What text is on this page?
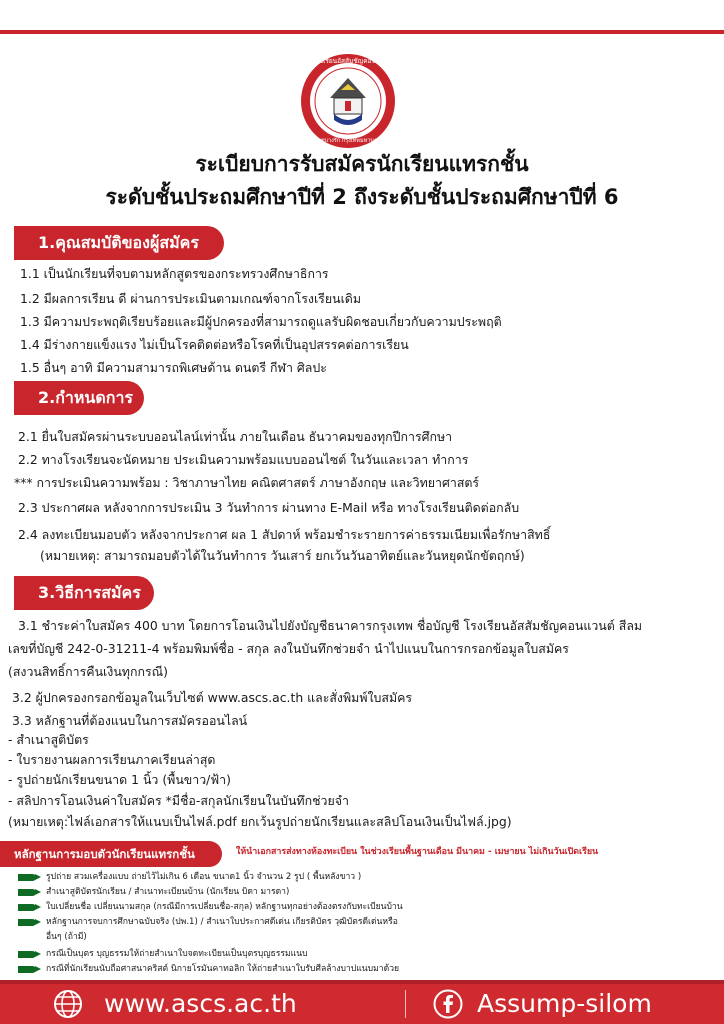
โรงเรียนอัสสัมชัญคอนแวนต์ สีลม
เขตบางรัก กรุงเทพมหานคร
ระเบียบการรับสมัครนักเรียนแทรกชั้น
ระดับชั้นประถมศึกษาปีที่ 2 ถึงระดับชั้นประถมศึกษาปีที่ 6
1.คุณสมบัติของผู้สมัคร
1.1 เป็นนักเรียนที่จบตามหลักสูตรของกระทรวงศึกษาธิการ
1.2 มีผลการเรียน ดี ผ่านการประเมินตามเกณฑ์จากโรงเรียนเดิม
1.3 มีความประพฤติเรียบร้อยและมีผู้ปกครองที่สามารถดูแลรับผิดชอบเกี่ยวกับความประพฤติ
1.4 มีร่างกายแข็งแรง ไม่เป็นโรคติดต่อหรือโรคที่เป็นอุปสรรคต่อการเรียน
1.5 อื่นๆ อาทิ มีความสามารถพิเศษด้าน ดนตรี กีฬา ศิลปะ
2.กำหนดการ
2.1 ยื่นใบสมัครผ่านระบบออนไลน์เท่านั้น ภายในเดือน ธันวาคมของทุกปีการศึกษา
2.2 ทางโรงเรียนจะนัดหมาย ประเมินความพร้อมแบบออนไซต์ ในวันและเวลา ทำการ
*** การประเมินความพร้อม : วิชาภาษาไทย คณิตศาสตร์ ภาษาอังกฤษ และวิทยาศาสตร์
2.3 ประกาศผล หลังจากการประเมิน 3 วันทำการ ผ่านทาง E-Mail หรือ ทางโรงเรียนติดต่อกลับ
2.4 ลงทะเบียนมอบตัว หลังจากประกาศ ผล 1 สัปดาห์ พร้อมชำระรายการค่าธรรมเนียมเพื่อรักษาสิทธิ์
(หมายเหตุ: สามารถมอบตัวได้ในวันทำการ วันเสาร์ ยกเว้นวันอาทิตย์และวันหยุดนักขัตฤกษ์)
3.วิธีการสมัคร
3.1 ชำระค่าใบสมัคร 400 บาท โดยการโอนเงินไปยังบัญชีธนาคารกรุงเทพ ชื่อบัญชี โรงเรียนอัสสัมชัญคอนแวนต์ สีลม
เลขที่บัญชี 242-0-31211-4 พร้อมพิมพ์ชื่อ - สกุล ลงในบันทึกช่วยจำ นำไปแนบในการกรอกข้อมูลใบสมัคร
(สงวนสิทธิ์การคืนเงินทุกกรณี)
3.2 ผู้ปกครองกรอกข้อมูลในเว็บไซต์ www.ascs.ac.th และสั่งพิมพ์ใบสมัคร
3.3 หลักฐานที่ต้องแนบในการสมัครออนไลน์
- สำเนาสูติบัตร
- ใบรายงานผลการเรียนภาคเรียนล่าสุด
- รูปถ่ายนักเรียนขนาด 1 นิ้ว (พื้นขาว/ฟ้า)
- สลิปการโอนเงินค่าใบสมัคร *มีชื่อ-สกุลนักเรียนในบันทึกช่วยจำ
(หมายเหตุ:ไฟล์เอกสารให้แนบเป็นไฟล์.pdf ยกเว้นรูปถ่ายนักเรียนและสลิปโอนเงินเป็นไฟล์.jpg)
หลักฐานการมอบตัวนักเรียนแทรกชั้น	ให้นำเอกสารส่งทางห้องทะเบียน ในช่วงเรียนพื้นฐานเดือน มีนาคม - เมษายน ไม่เกินวันเปิดเรียน
รูปถ่าย สวมเครื่องแบบ ถ่ายไว้ไม่เกิน 6 เดือน ขนาด1 นิ้ว จำนวน 2 รูป ( พื้นหลังขาว )
สำเนาสูติบัตรนักเรียน / สำเนาทะเบียนบ้าน (นักเรียน บิดา มารดา)
ใบเปลี่ยนชื่อ เปลี่ยนนามสกุล (กรณีมีการเปลี่ยนชื่อ-สกุล) หลักฐานทุกอย่างต้องตรงกับทะเบียนบ้าน
หลักฐานการจบการศึกษาฉบับจริง (ปพ.1) / สำเนาใบประกาศดีเด่น เกียรติบัตร วุฒิบัตรดีเด่นหรือ
อื่นๆ (ถ้ามี)
กรณีเป็นบุตร บุญธรรมให้ถ่ายสำเนาใบจดทะเบียนเป็นบุตรบุญธรรมแนบ
กรณีที่นักเรียนนับถือศาสนาคริสต์ นิกายโรมันคาทอลิก ให้ถ่ายสำเนาใบรับศีลล้างบาปแนบมาด้วย
www.ascs.ac.th	Assump-silom
